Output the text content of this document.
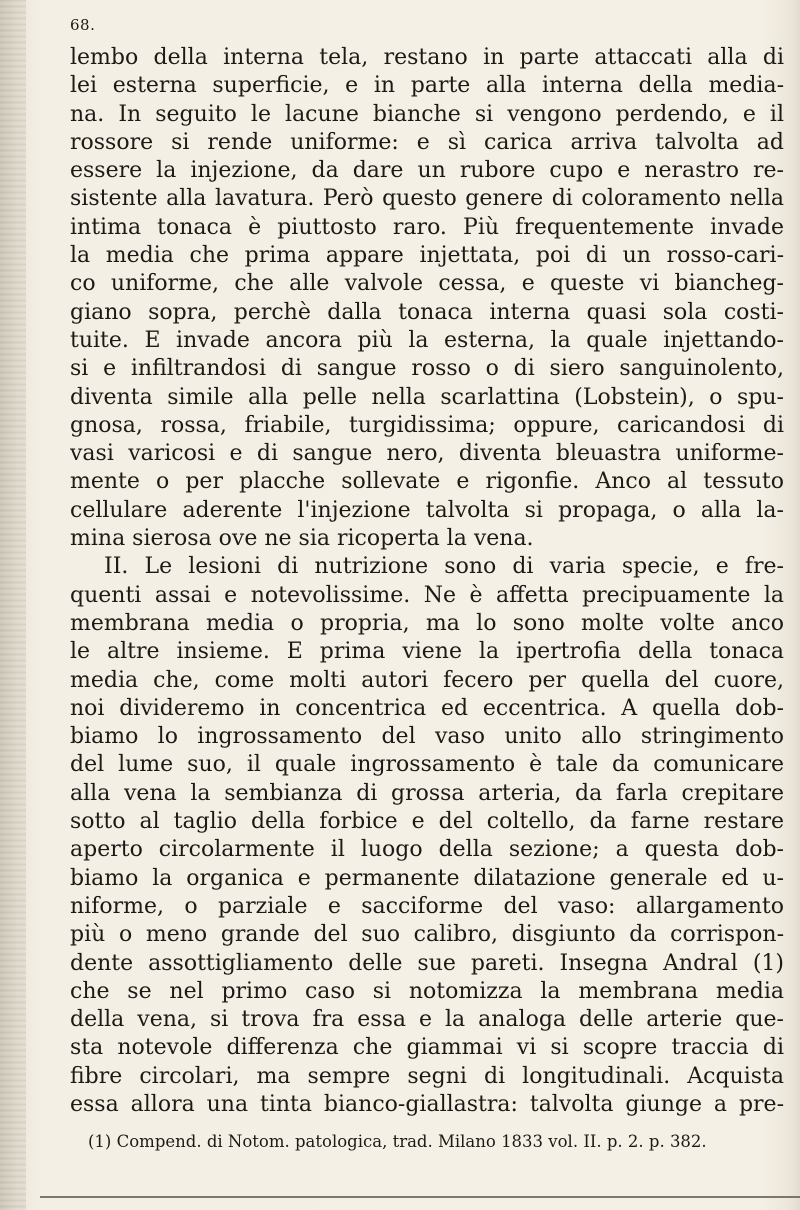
68.
lembo della interna tela, restano in parte attaccati alla di
lei esterna superficie, e in parte alla interna della media-
na. In seguito le lacune bianche si vengono perdendo, e il
rossore si rende uniforme: e sì carica arriva talvolta ad
essere la injezione, da dare un rubore cupo e nerastro re-
sistente alla lavatura. Però questo genere di coloramento nella
intima tonaca è piuttosto raro. Più frequentemente invade
la media che prima appare injettata, poi di un rosso-cari-
co uniforme, che alle valvole cessa, e queste vi biancheg-
giano sopra, perchè dalla tonaca interna quasi sola costi-
tuite. E invade ancora più la esterna, la quale injettando-
si e infiltrandosi di sangue rosso o di siero sanguinolento,
diventa simile alla pelle nella scarlattina (Lobstein), o spu-
gnosa, rossa, friabile, turgidissima; oppure, caricandosi di
vasi varicosi e di sangue nero, diventa bleuastra uniforme-
mente o per placche sollevate e rigonfie. Anco al tessuto
cellulare aderente l'injezione talvolta si propaga, o alla la-
mina sierosa ove ne sia ricoperta la vena.
II. Le lesioni di nutrizione sono di varia specie, e fre-
quenti assai e notevolissime. Ne è affetta precipuamente la
membrana media o propria, ma lo sono molte volte anco
le altre insieme. E prima viene la ipertrofia della tonaca
media che, come molti autori fecero per quella del cuore,
noi divideremo in concentrica ed eccentrica. A quella dob-
biamo lo ingrossamento del vaso unito allo stringimento
del lume suo, il quale ingrossamento è tale da comunicare
alla vena la sembianza di grossa arteria, da farla crepitare
sotto al taglio della forbice e del coltello, da farne restare
aperto circolarmente il luogo della sezione; a questa dob-
biamo la organica e permanente dilatazione generale ed u-
niforme, o parziale e sacciforme del vaso: allargamento
più o meno grande del suo calibro, disgiunto da corrispon-
dente assottigliamento delle sue pareti. Insegna Andral (1)
che se nel primo caso si notomizza la membrana media
della vena, si trova fra essa e la analoga delle arterie que-
sta notevole differenza che giammai vi si scopre traccia di
fibre circolari, ma sempre segni di longitudinali. Acquista
essa allora una tinta bianco-giallastra: talvolta giunge a pre-
(1) Compend. di Notom. patologica, trad. Milano 1833 vol. II. p. 2. p. 382.
